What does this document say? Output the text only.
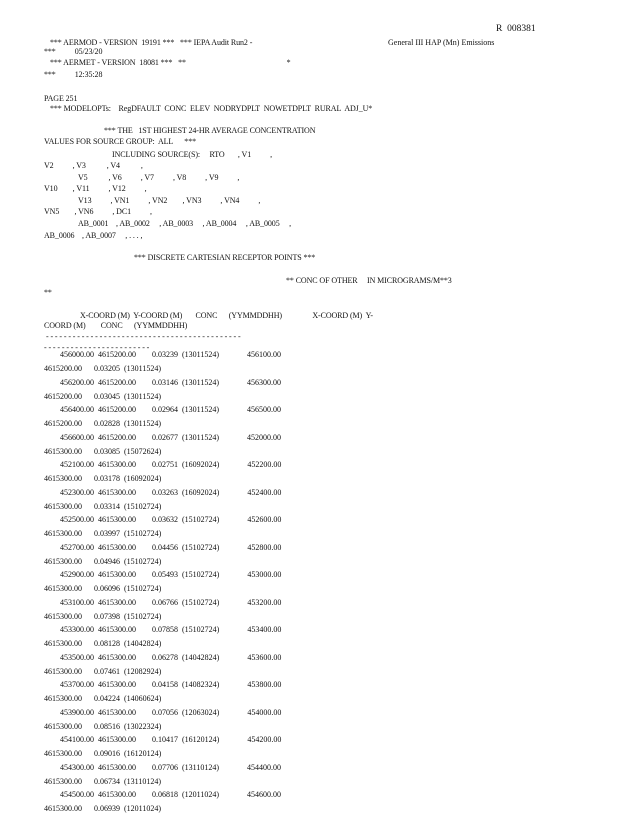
R  008381
*** AERMOD - VERSION  19191 ***   *** IEPA Audit Run2 -	General III HAP (Mn) Emissions
***          05/23/20
*** AERMET - VERSION  18081 ***   **                                                     *
***          12:35:28
PAGE 251
*** MODELOPTs:    RegDFAULT  CONC  ELEV  NODRYDPLT  NOWETDPLT  RURAL  ADJ_U*
*** THE   1ST HIGHEST 24-HR AVERAGE CONCENTRATION
VALUES FOR SOURCE GROUP:  ALL      ***
INCLUDING SOURCE(S):     RTO       , V1          ,
V2          , V3           , V4           ,
V5           , V6          , V7          , V8          , V9          ,
V10        , V11          , V12          ,
V13          , VN1          , VN2        , VN3          , VN4          ,
VN5        , VN6          , DC1          ,
AB_0001    , AB_0002     , AB_0003     , AB_0004     , AB_0005     ,
AB_0006    , AB_0007     , . . . ,
*** DISCRETE CARTESIAN RECEPTOR POINTS ***
** CONC OF OTHER     IN MICROGRAMS/M**3
**
X-COORD (M)  Y-COORD (M)       CONC      (YYMMDDHH)                X-COORD (M)  Y-
COORD (M)        CONC      (YYMMDDHH)
- - - - - - - - - - - - - - - - - - - - - - - - - - - - - - - - - - - - - - - - - - - -
- - - - - - - - - - - - - - - - - - - - - - - -
456000.00  4615200.00        0.03239  (13011524)              456100.00
4615200.00      0.03205  (13011524)
456200.00  4615200.00        0.03146  (13011524)              456300.00
4615200.00      0.03045  (13011524)
456400.00  4615200.00        0.02964  (13011524)              456500.00
4615200.00      0.02828  (13011524)
456600.00  4615200.00        0.02677  (13011524)              452000.00
4615300.00      0.03085  (15072624)
452100.00  4615300.00        0.02751  (16092024)              452200.00
4615300.00      0.03178  (16092024)
452300.00  4615300.00        0.03263  (16092024)              452400.00
4615300.00      0.03314  (15102724)
452500.00  4615300.00        0.03632  (15102724)              452600.00
4615300.00      0.03997  (15102724)
452700.00  4615300.00        0.04456  (15102724)              452800.00
4615300.00      0.04946  (15102724)
452900.00  4615300.00        0.05493  (15102724)              453000.00
4615300.00      0.06096  (15102724)
453100.00  4615300.00        0.06766  (15102724)              453200.00
4615300.00      0.07398  (15102724)
453300.00  4615300.00        0.07858  (15102724)              453400.00
4615300.00      0.08128  (14042824)
453500.00  4615300.00        0.06278  (14042824)              453600.00
4615300.00      0.07461  (12082924)
453700.00  4615300.00        0.04158  (14082324)              453800.00
4615300.00      0.04224  (14060624)
453900.00  4615300.00        0.07056  (12063024)              454000.00
4615300.00      0.08516  (13022324)
454100.00  4615300.00        0.10417  (16120124)              454200.00
4615300.00      0.09016  (16120124)
454300.00  4615300.00        0.07706  (13110124)              454400.00
4615300.00      0.06734  (13110124)
454500.00  4615300.00        0.06818  (12011024)              454600.00
4615300.00      0.06939  (12011024)
